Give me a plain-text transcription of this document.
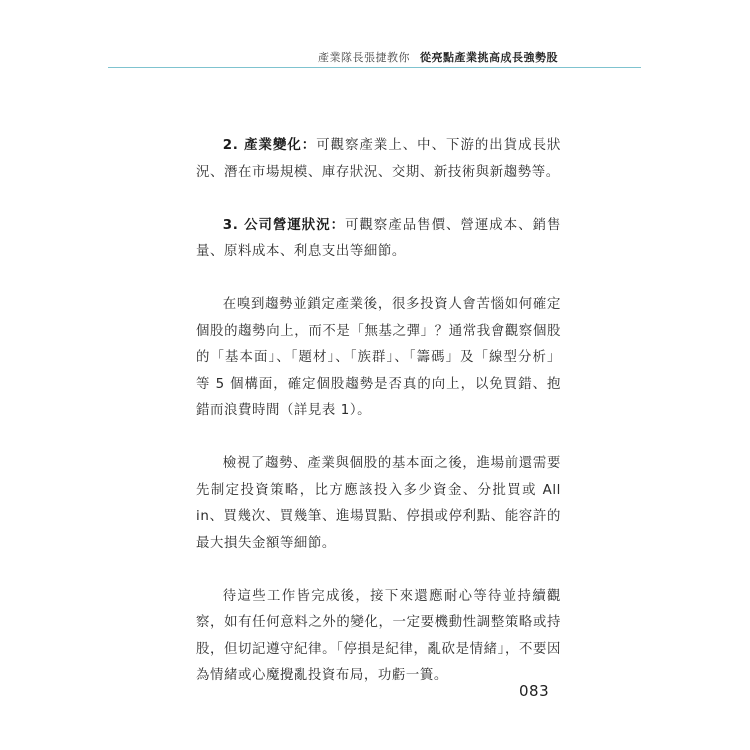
產業隊長張捷教你 從亮點產業挑高成長強勢股

2. 產業變化：可觀察產業上、中、下游的出貨成長狀況、潛在市場規模、庫存狀況、交期、新技術與新趨勢等。

3. 公司營運狀況：可觀察產品售價、營運成本、銷售量、原料成本、利息支出等細節。

在嗅到趨勢並鎖定產業後，很多投資人會苦惱如何確定個股的趨勢向上，而不是「無基之彈」？通常我會觀察個股的「基本面」、「題材」、「族群」、「籌碼」及「線型分析」等 5 個構面，確定個股趨勢是否真的向上，以免買錯、抱錯而浪費時間（詳見表 1）。

檢視了趨勢、產業與個股的基本面之後，進場前還需要先制定投資策略，比方應該投入多少資金、分批買或 All in、買幾次、買幾筆、進場買點、停損或停利點、能容許的最大損失金額等細節。

待這些工作皆完成後，接下來還應耐心等待並持續觀察，如有任何意料之外的變化，一定要機動性調整策略或持股，但切記遵守紀律。「停損是紀律，亂砍是情緒」，不要因為情緒或心魔攪亂投資布局，功虧一簣。

083
